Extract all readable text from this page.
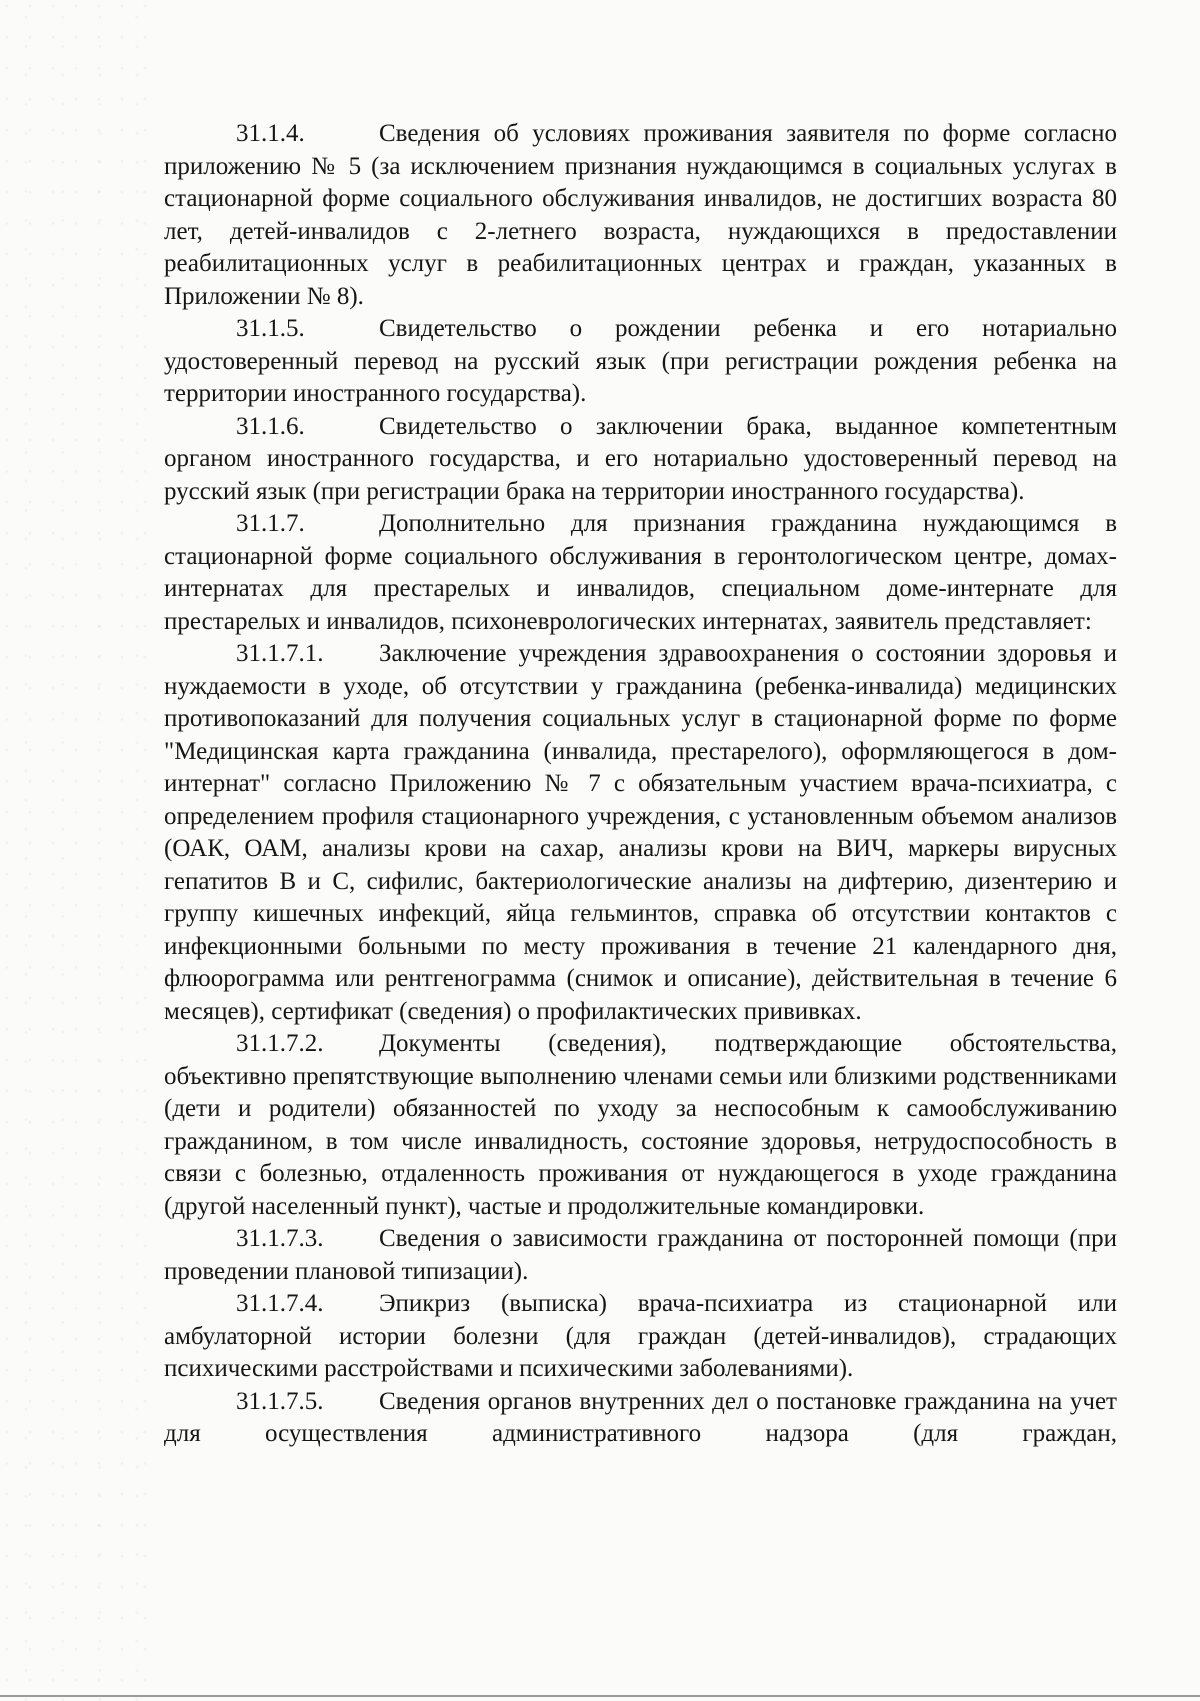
31.1.4.	Сведения об условиях проживания заявителя по форме согласно приложению № 5 (за исключением признания нуждающимся в социальных услугах в стационарной форме социального обслуживания инвалидов, не достигших возраста 80 лет, детей-инвалидов с 2-летнего возраста, нуждающихся в предоставлении реабилитационных услуг в реабилитационных центрах и граждан, указанных в Приложении № 8).

31.1.5.	Свидетельство о рождении ребенка и его нотариально удостоверенный перевод на русский язык (при регистрации рождения ребенка на территории иностранного государства).

31.1.6.	Свидетельство о заключении брака, выданное компетентным органом иностранного государства, и его нотариально удостоверенный перевод на русский язык (при регистрации брака на территории иностранного государства).

31.1.7.	Дополнительно для признания гражданина нуждающимся в стационарной форме социального обслуживания в геронтологическом центре, домах-интернатах для престарелых и инвалидов, специальном доме-интернате для престарелых и инвалидов, психоневрологических интернатах, заявитель представляет:

31.1.7.1. Заключение учреждения здравоохранения о состоянии здоровья и нуждаемости в уходе, об отсутствии у гражданина (ребенка-инвалида) медицинских противопоказаний для получения социальных услуг в стационарной форме по форме "Медицинская карта гражданина (инвалида, престарелого), оформляющегося в дом-интернат" согласно Приложению № 7 с обязательным участием врача-психиатра, с определением профиля стационарного учреждения, с установленным объемом анализов (ОАК, ОАМ, анализы крови на сахар, анализы крови на ВИЧ, маркеры вирусных гепатитов В и С, сифилис, бактериологические анализы на дифтерию, дизентерию и группу кишечных инфекций, яйца гельминтов, справка об отсутствии контактов с инфекционными больными по месту проживания в течение 21 календарного дня, флюорограмма или рентгенограмма (снимок и описание), действительная в течение 6 месяцев), сертификат (сведения) о профилактических прививках.

31.1.7.2. Документы (сведения), подтверждающие обстоятельства, объективно препятствующие выполнению членами семьи или близкими родственниками (дети и родители) обязанностей по уходу за неспособным к самообслуживанию гражданином, в том числе инвалидность, состояние здоровья, нетрудоспособность в связи с болезнью, отдаленность проживания от нуждающегося в уходе гражданина (другой населенный пункт), частые и продолжительные командировки.

31.1.7.3. Сведения о зависимости гражданина от посторонней помощи (при проведении плановой типизации).

31.1.7.4. Эпикриз (выписка) врача-психиатра из стационарной или амбулаторной истории болезни (для граждан (детей-инвалидов), страдающих психическими расстройствами и психическими заболеваниями).

31.1.7.5. Сведения органов внутренних дел о постановке гражданина на учет для осуществления административного надзора (для граждан,
